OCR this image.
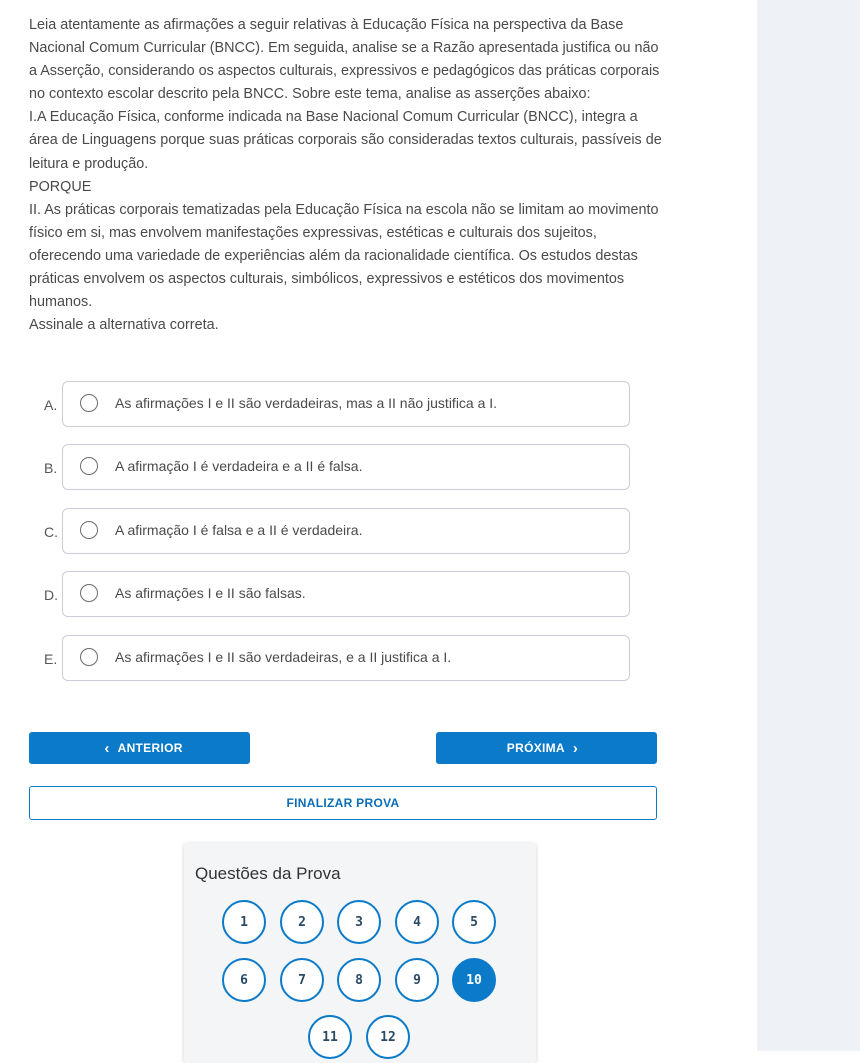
Leia atentamente as afirmações a seguir relativas à Educação Física na perspectiva da Base Nacional Comum Curricular (BNCC). Em seguida, analise se a Razão apresentada justifica ou não a Asserção, considerando os aspectos culturais, expressivos e pedagógicos das práticas corporais no contexto escolar descrito pela BNCC. Sobre este tema, analise as asserções abaixo:

I.A Educação Física, conforme indicada na Base Nacional Comum Curricular (BNCC), integra a área de Linguagens porque suas práticas corporais são consideradas textos culturais, passíveis de leitura e produção.

PORQUE

II. As práticas corporais tematizadas pela Educação Física na escola não se limitam ao movimento físico em si, mas envolvem manifestações expressivas, estéticas e culturais dos sujeitos, oferecendo uma variedade de experiências além da racionalidade científica. Os estudos destas práticas envolvem os aspectos culturais, simbólicos, expressivos e estéticos dos movimentos humanos.

Assinale a alternativa correta.

A.	As afirmações I e II são verdadeiras, mas a II não justifica a I.
B.	A afirmação I é verdadeira e a II é falsa.
C.	A afirmação I é falsa e a II é verdadeira.
D.	As afirmações I e II são falsas.
E.	As afirmações I e II são verdadeiras, e a II justifica a I.
‹ ANTERIOR	PRÓXIMA ›
FINALIZAR PROVA
Questões da Prova
1	2	3	4	5
6	7	8	9	10
11	12
